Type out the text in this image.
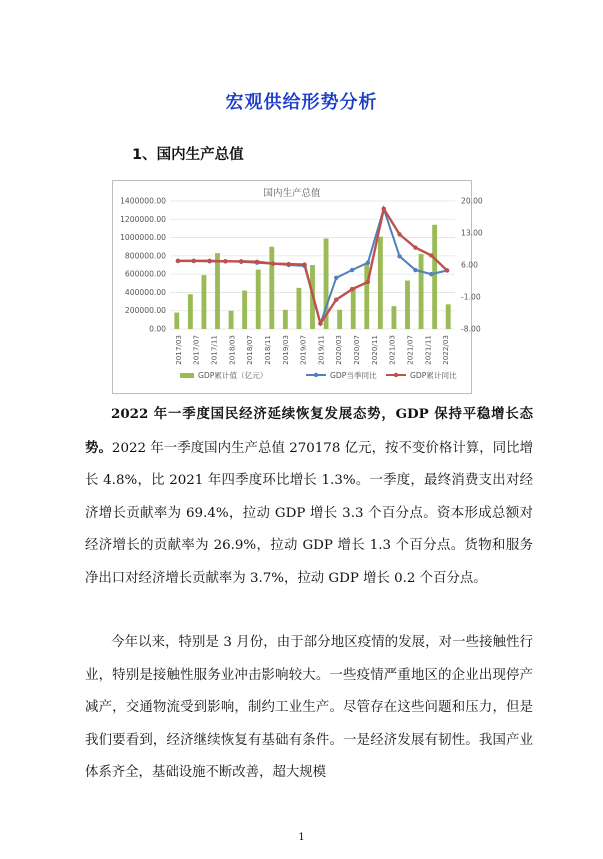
宏观供给形势分析
1、国内生产总值
国内生产总值
0.00
200000.00
400000.00
600000.00
800000.00
1000000.00
1200000.00
1400000.00
-8.00
-1.00
6.00
13.00
20.00
2017/03 2017/07 2017/11 2018/03 2018/07 2018/11 2019/03 2019/07 2019/11 2020/03 2020/07 2020/11 2021/03 2021/07 2021/11 2022/03
GDP累计值（亿元）	GDP当季同比	GDP累计同比
2022 年一季度国民经济延续恢复发展态势，GDP 保持平稳增长态势。2022 年一季度国内生产总值 270178 亿元，按不变价格计算，同比增长 4.8%，比 2021 年四季度环比增长 1.3%。一季度，最终消费支出对经济增长贡献率为 69.4%，拉动 GDP 增长 3.3 个百分点。资本形成总额对经济增长的贡献率为 26.9%，拉动 GDP 增长 1.3 个百分点。货物和服务净出口对经济增长贡献率为 3.7%，拉动 GDP 增长 0.2 个百分点。
今年以来，特别是 3 月份，由于部分地区疫情的发展，对一些接触性行业，特别是接触性服务业冲击影响较大。一些疫情严重地区的企业出现停产减产，交通物流受到影响，制约工业生产。尽管存在这些问题和压力，但是我们要看到，经济继续恢复有基础有条件。一是经济发展有韧性。我国产业体系齐全，基础设施不断改善，超大规模
1
